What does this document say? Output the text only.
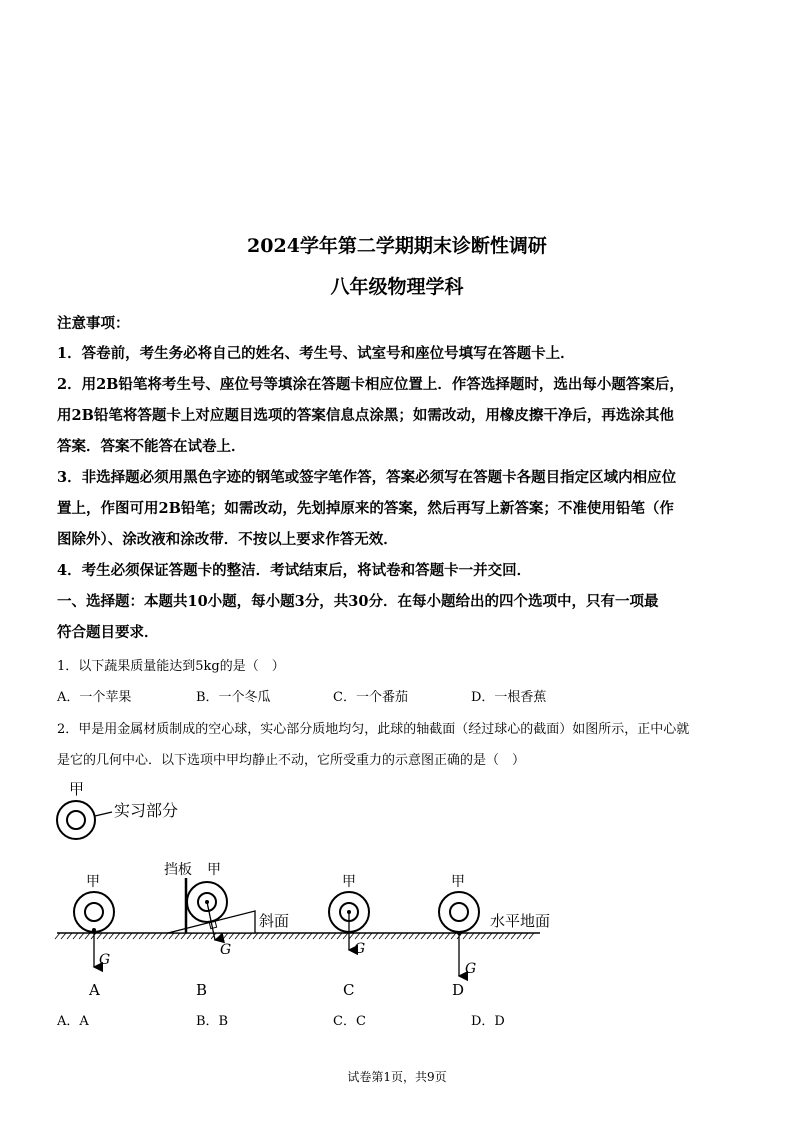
2024学年第二学期期末诊断性调研
八年级物理学科
注意事项：
1．答卷前，考生务必将自己的姓名、考生号、试室号和座位号填写在答题卡上．
2．用2B铅笔将考生号、座位号等填涂在答题卡相应位置上．作答选择题时，选出每小题答案后，
用2B铅笔将答题卡上对应题目选项的答案信息点涂黑；如需改动，用橡皮擦干净后，再选涂其他
答案．答案不能答在试卷上．
3．非选择题必须用黑色字迹的钢笔或签字笔作答，答案必须写在答题卡各题目指定区域内相应位
置上，作图可用2B铅笔；如需改动，先划掉原来的答案，然后再写上新答案；不准使用铅笔（作
图除外）、涂改液和涂改带．不按以上要求作答无效．
4．考生必须保证答题卡的整洁．考试结束后，将试卷和答题卡一并交回．
一、选择题：本题共10小题，每小题3分，共30分．在每小题给出的四个选项中，只有一项最
符合题目要求．
1．以下蔬果质量能达到5kg的是（　）
A．一个苹果	B．一个冬瓜	C．一个番茄	D．一根香蕉
2．甲是用金属材质制成的空心球，实心部分质地均匀，此球的轴截面（经过球心的截面）如图所示，正中心就
是它的几何中心．以下选项中甲均静止不动，它所受重力的示意图正确的是（　）
甲
实习部分
甲
G
A
挡板 甲
G
斜面
B
甲
G
C
甲
G
水平地面
D
A．A	B．B	C．C	D．D
试卷第1页，共9页
